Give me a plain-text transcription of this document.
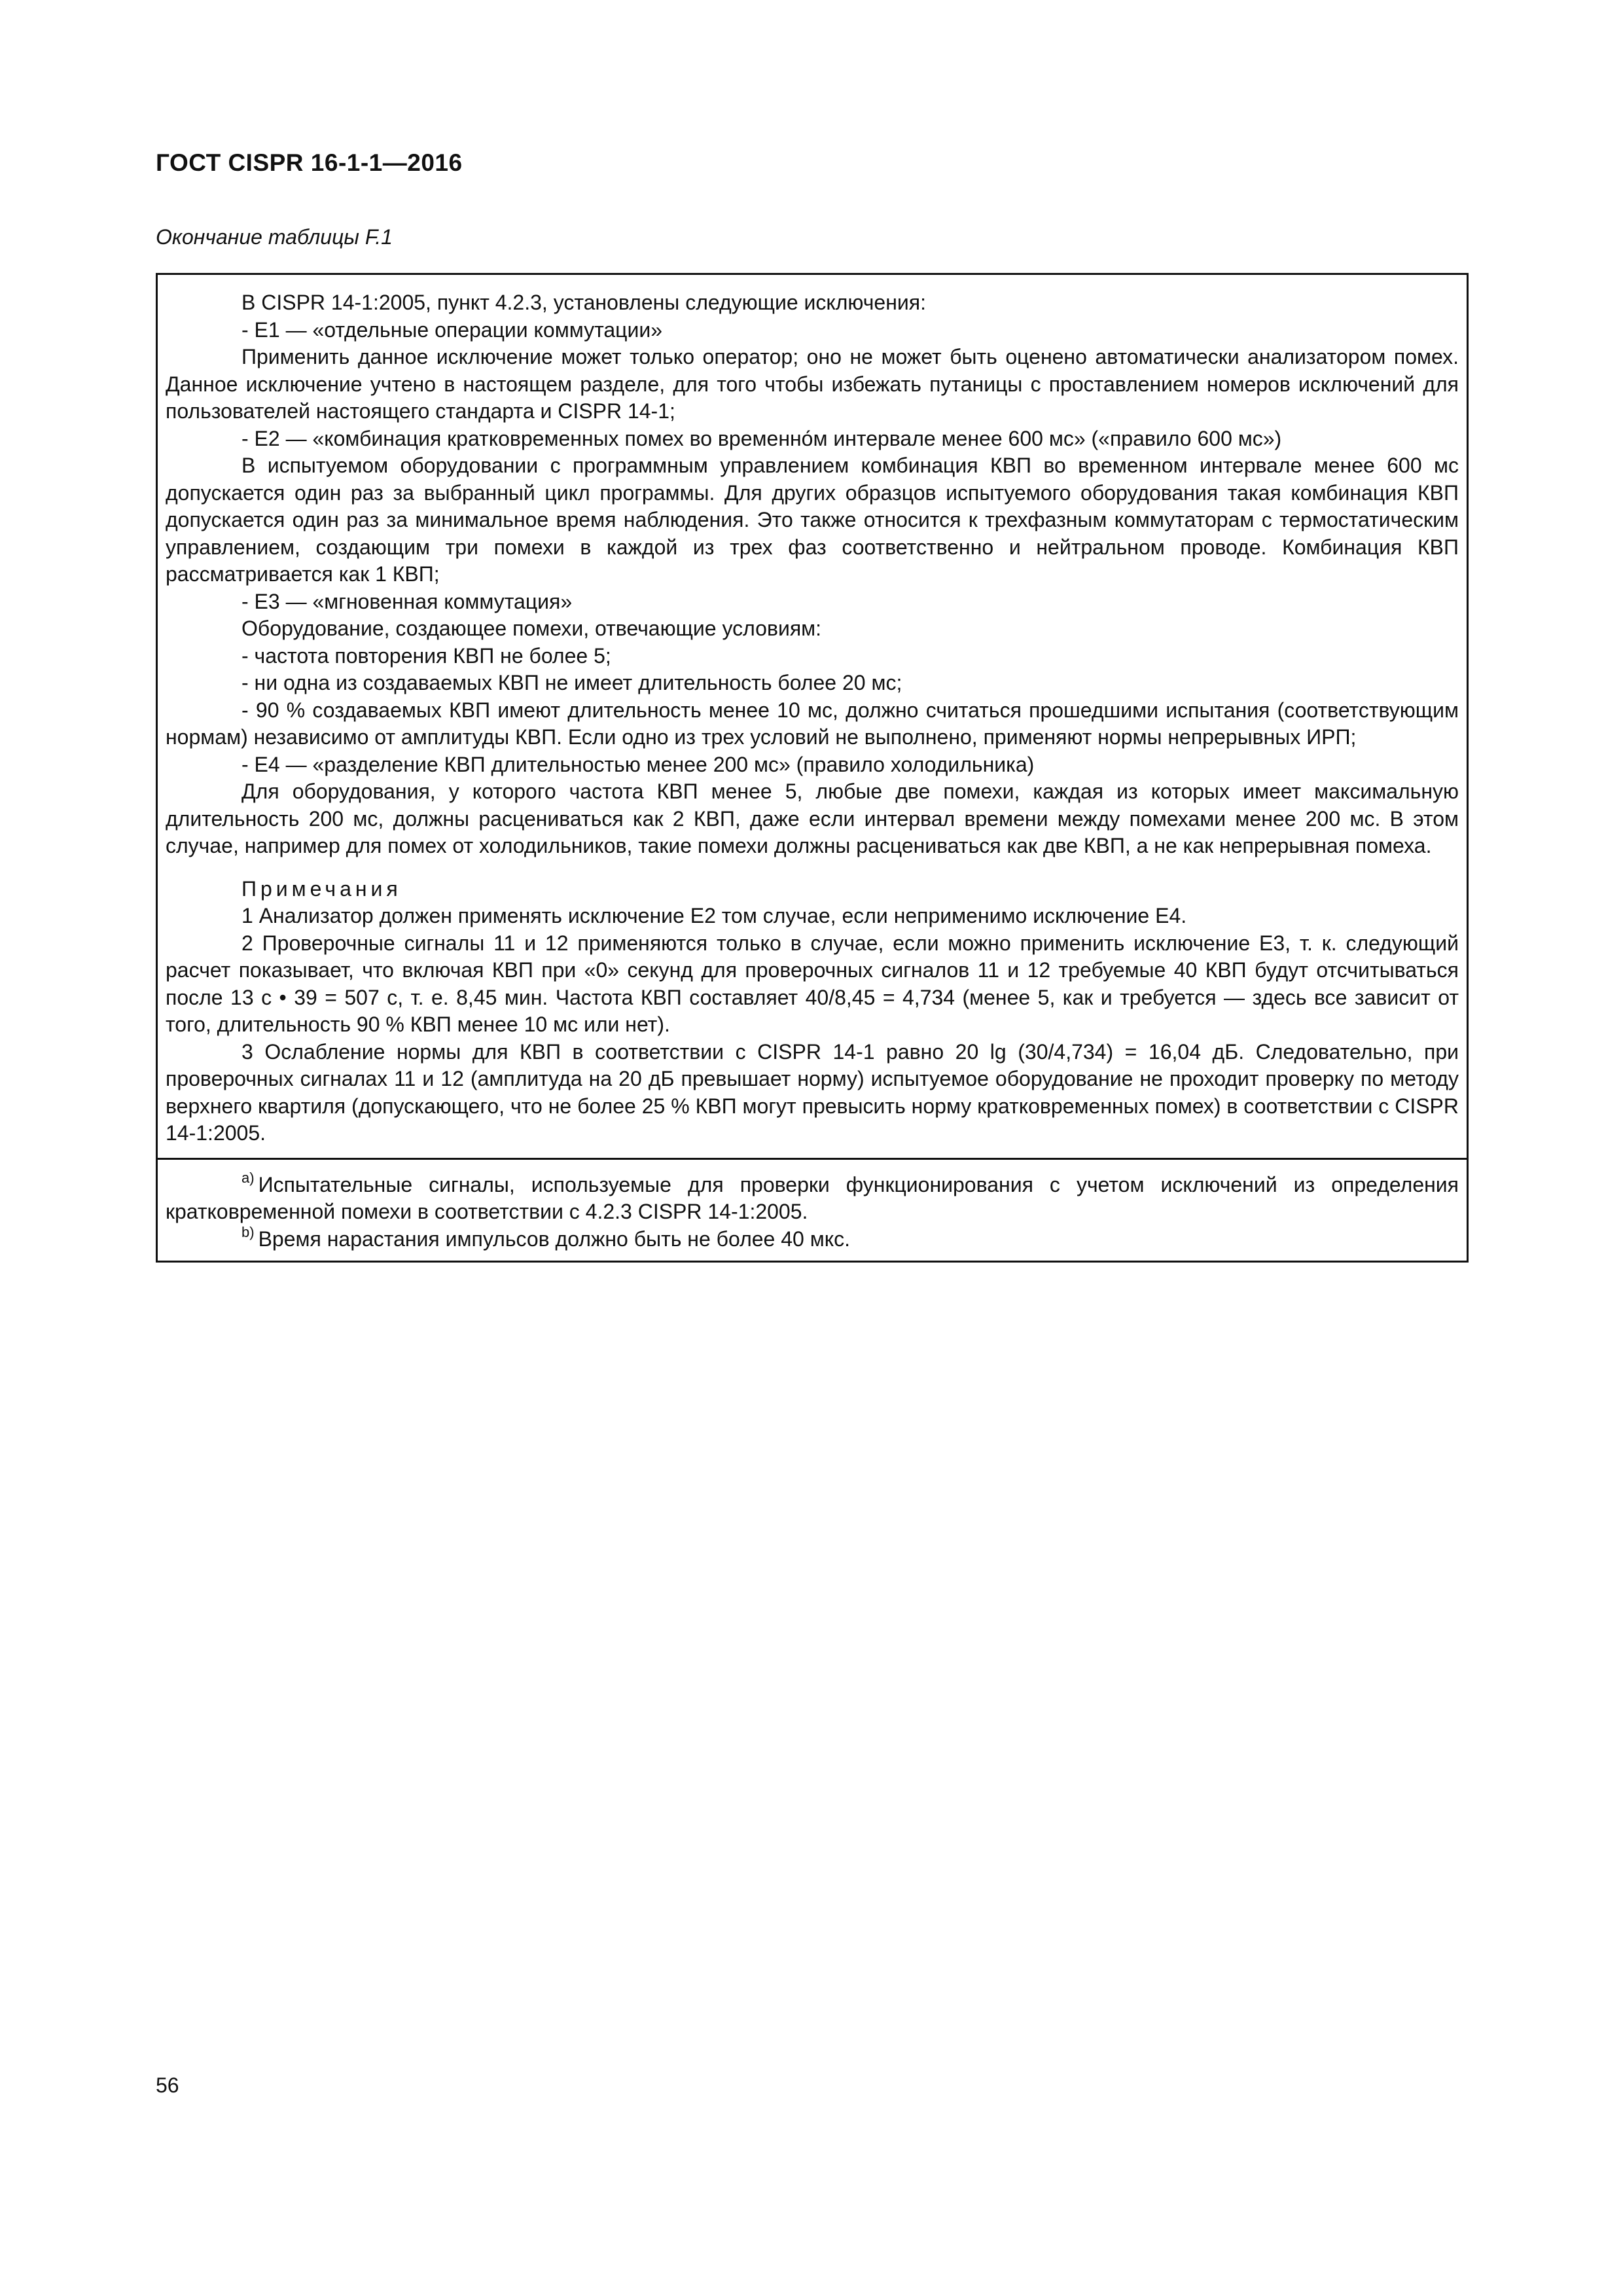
ГОСТ CISPR 16-1-1—2016
Окончание таблицы F.1

В CISPR 14-1:2005, пункт 4.2.3, установлены следующие исключения:

- Е1 — «отдельные операции коммутации»

Применить данное исключение может только оператор; оно не может быть оценено автоматически анализатором помех. Данное исключение учтено в настоящем разделе, для того чтобы избежать путаницы с проставлением номеров исключений для пользователей настоящего стандарта и CISPR 14-1;

- Е2 — «комбинация кратковременных помех во временно́м интервале менее 600 мс» («правило 600 мс»)

В испытуемом оборудовании с программным управлением комбинация КВП во временном интервале менее 600 мс допускается один раз за выбранный цикл программы. Для других образцов испытуемого оборудования такая комбинация КВП допускается один раз за минимальное время наблюдения. Это также относится к трехфазным коммутаторам с термостатическим управлением, создающим три помехи в каждой из трех фаз соответственно и нейтральном проводе. Комбинация КВП рассматривается как 1 КВП;

- Е3 — «мгновенная коммутация»

Оборудование, создающее помехи, отвечающие условиям:

- частота повторения КВП не более 5;

- ни одна из создаваемых КВП не имеет длительность более 20 мс;

- 90 % создаваемых КВП имеют длительность менее 10 мс, должно считаться прошедшими испытания (соответствующим нормам) независимо от амплитуды КВП. Если одно из трех условий не выполнено, применяют нормы непрерывных ИРП;

- Е4 — «разделение КВП длительностью менее 200 мс» (правило холодильника)

Для оборудования, у которого частота КВП менее 5, любые две помехи, каждая из которых имеет максимальную длительность 200 мс, должны расцениваться как 2 КВП, даже если интервал времени между помехами менее 200 мс. В этом случае, например для помех от холодильников, такие помехи должны расцениваться как две КВП, а не как непрерывная помеха.

Примечания

1 Анализатор должен применять исключение Е2 том случае, если неприменимо исключение Е4.

2 Проверочные сигналы 11 и 12 применяются только в случае, если можно применить исключение Е3, т. к. следующий расчет показывает, что включая КВП при «0» секунд для проверочных сигналов 11 и 12 требуемые 40 КВП будут отсчитываться после 13 с • 39 = 507 с, т. е. 8,45 мин. Частота КВП составляет 40/8,45 = 4,734 (менее 5, как и требуется — здесь все зависит от того, длительность 90 % КВП менее 10 мс или нет).

3 Ослабление нормы для КВП в соответствии с CISPR 14-1 равно 20 lg (30/4,734) = 16,04 дБ. Следовательно, при проверочных сигналах 11 и 12 (амплитуда на 20 дБ превышает норму) испытуемое оборудование не проходит проверку по методу верхнего квартиля (допускающего, что не более 25 % КВП могут превысить норму кратковременных помех) в соответствии с CISPR 14-1:2005.

$^{a)}$ Испытательные сигналы, используемые для проверки функционирования с учетом исключений из определения кратковременной помехи в соответствии с 4.2.3 CISPR 14-1:2005.

$^{b)}$ Время нарастания импульсов должно быть не более 40 мкс.

56
